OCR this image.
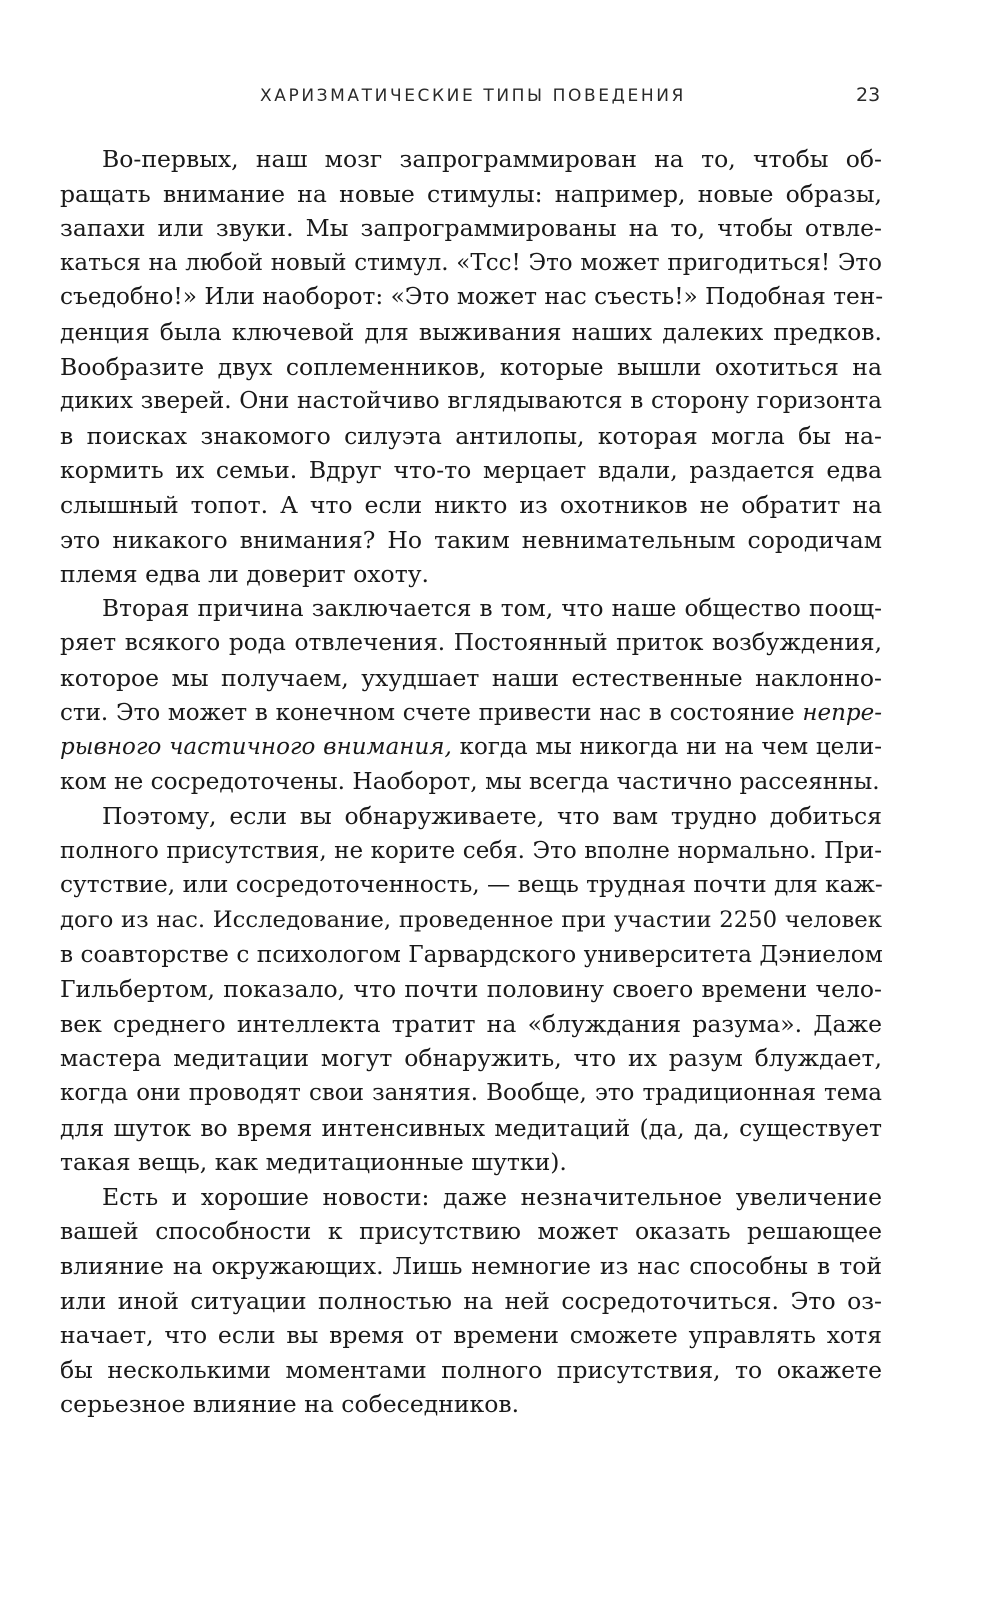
ХАРИЗМАТИЧЕСКИЕ ТИПЫ ПОВЕДЕНИЯ	23
Во-первых, наш мозг запрограммирован на то, чтобы об-
ращать внимание на новые стимулы: например, новые образы,
запахи или звуки. Мы запрограммированы на то, чтобы отвле-
каться на любой новый стимул. «Тсс! Это может пригодиться! Это
съедобно!» Или наоборот: «Это может нас съесть!» Подобная тен-
денция была ключевой для выживания наших далеких предков.
Вообразите двух соплеменников, которые вышли охотиться на
диких зверей. Они настойчиво вглядываются в сторону горизонта
в поисках знакомого силуэта антилопы, которая могла бы на-
кормить их семьи. Вдруг что-то мерцает вдали, раздается едва
слышный топот. А что если никто из охотников не обратит на
это никакого внимания? Но таким невнимательным сородичам
племя едва ли доверит охоту.
Вторая причина заключается в том, что наше общество поощ-
ряет всякого рода отвлечения. Постоянный приток возбуждения,
которое мы получаем, ухудшает наши естественные наклонно-
сти. Это может в конечном счете привести нас в состояние непре-
рывного частичного внимания, когда мы никогда ни на чем цели-
ком не сосредоточены. Наоборот, мы всегда частично рассеянны.
Поэтому, если вы обнаруживаете, что вам трудно добиться
полного присутствия, не корите себя. Это вполне нормально. При-
сутствие, или сосредоточенность, — вещь трудная почти для каж-
дого из нас. Исследование, проведенное при участии 2250 человек
в соавторстве с психологом Гарвардского университета Дэниелом
Гильбертом, показало, что почти половину своего времени чело-
век среднего интеллекта тратит на «блуждания разума». Даже
мастера медитации могут обнаружить, что их разум блуждает,
когда они проводят свои занятия. Вообще, это традиционная тема
для шуток во время интенсивных медитаций (да, да, существует
такая вещь, как медитационные шутки).
Есть и хорошие новости: даже незначительное увеличение
вашей способности к присутствию может оказать решающее
влияние на окружающих. Лишь немногие из нас способны в той
или иной ситуации полностью на ней сосредоточиться. Это оз-
начает, что если вы время от времени сможете управлять хотя
бы несколькими моментами полного присутствия, то окажете
серьезное влияние на собеседников.
